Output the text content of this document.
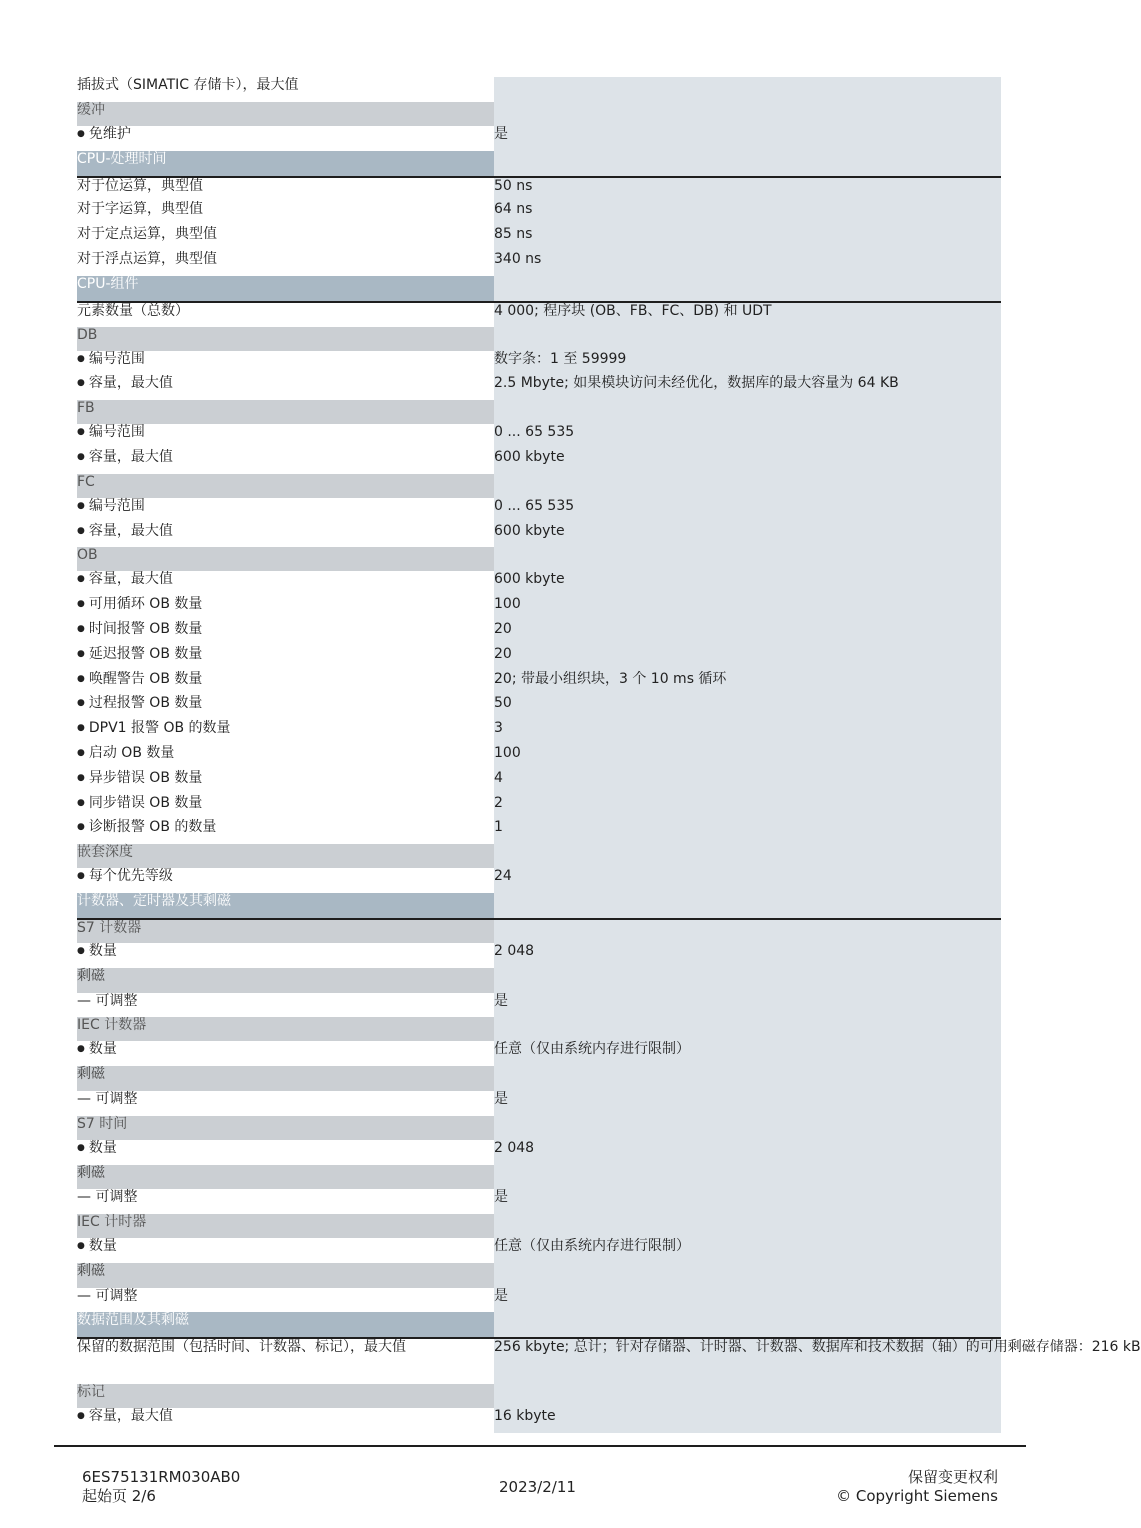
插拔式（SIMATIC 存储卡），最大值	
缓冲	
● 免维护	是
CPU-处理时间	
对于位运算，典型值	50 ns
对于字运算，典型值	64 ns
对于定点运算，典型值	85 ns
对于浮点运算，典型值	340 ns
CPU-组件	
元素数量（总数）	4 000; 程序块 (OB、FB、FC、DB) 和 UDT
DB	
● 编号范围	数字条：1 至 59999
● 容量，最大值	2.5 Mbyte; 如果模块访问未经优化，数据库的最大容量为 64 KB
FB	
● 编号范围	0 ... 65 535
● 容量，最大值	600 kbyte
FC	
● 编号范围	0 ... 65 535
● 容量，最大值	600 kbyte
OB	
● 容量，最大值	600 kbyte
● 可用循环 OB 数量	100
● 时间报警 OB 数量	20
● 延迟报警 OB 数量	20
● 唤醒警告 OB 数量	20; 带最小组织块，3 个 10 ms 循环
● 过程报警 OB 数量	50
● DPV1 报警 OB 的数量	3
● 启动 OB 数量	100
● 异步错误 OB 数量	4
● 同步错误 OB 数量	2
● 诊断报警 OB 的数量	1
嵌套深度	
● 每个优先等级	24
计数器、定时器及其剩磁	
S7 计数器	
● 数量	2 048
剩磁	
— 可调整	是
IEC 计数器	
● 数量	任意（仅由系统内存进行限制）
剩磁	
— 可调整	是
S7 时间	
● 数量	2 048
剩磁	
— 可调整	是
IEC 计时器	
● 数量	任意（仅由系统内存进行限制）
剩磁	
— 可调整	是
数据范围及其剩磁	
保留的数据范围（包括时间、计数器、标记），最大值	256 kbyte; 总计；针对存储器、计时器、计数器、数据库和技术数据（轴）的可用剩磁存储器：216 kB
标记	
● 容量，最大值	16 kbyte
6ES75131RM030AB0
起始页 2/6	2023/2/11
保留变更权利
© Copyright Siemens
